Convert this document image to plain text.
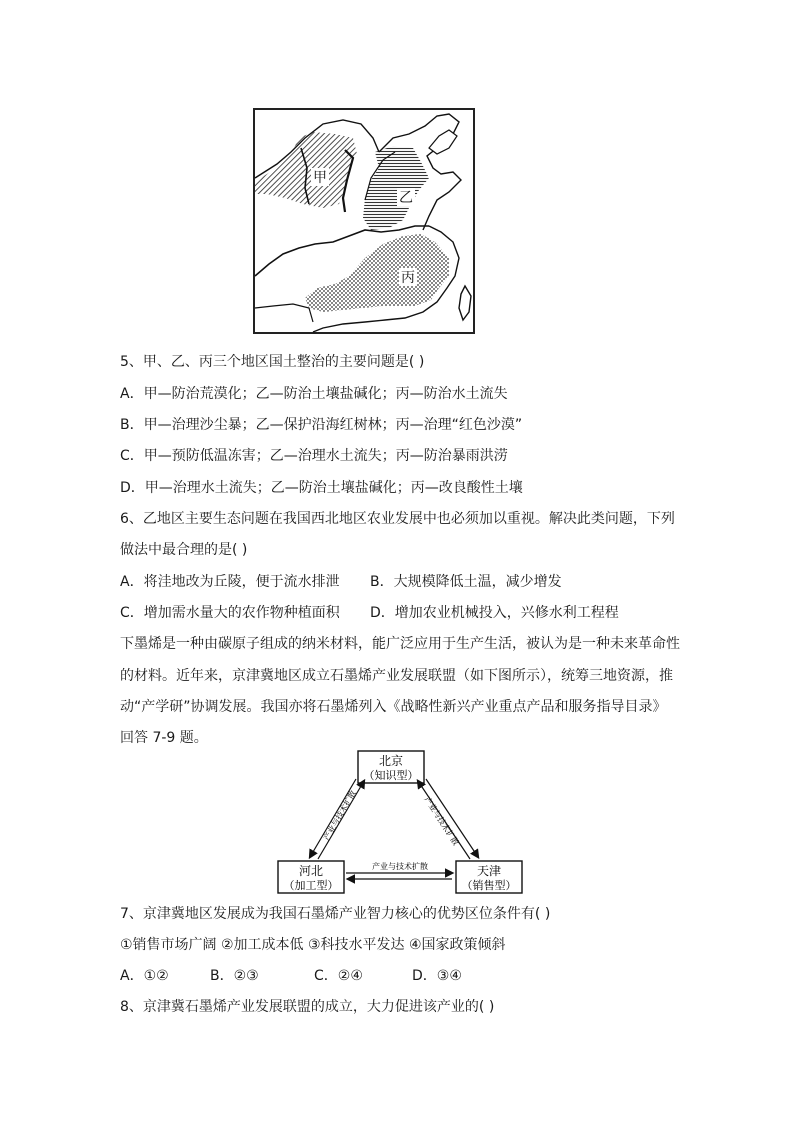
甲
乙
丙
5、甲、乙、丙三个地区国土整治的主要问题是( )
A．甲—防治荒漠化；乙—防治土壤盐碱化；丙—防治水土流失
B．甲—治理沙尘暴；乙—保护沿海红树林；丙—治理“红色沙漠”
C．甲—预防低温冻害；乙—治理水土流失；丙—防治暴雨洪涝
D．甲—治理水土流失；乙—防治土壤盐碱化；丙—改良酸性土壤
6、乙地区主要生态问题在我国西北地区农业发展中也必须加以重视。解决此类问题，下列
做法中最合理的是( )
A．将洼地改为丘陵，便于流水排泄 B．大规模降低土温，减少增发
C．增加需水量大的农作物种植面积 D．增加农业机械投入，兴修水利工程程
下墨烯是一种由碳原子组成的纳米材料，能广泛应用于生产生活，被认为是一种未来革命性
的材料。近年来，京津冀地区成立石墨烯产业发展联盟（如下图所示），统筹三地资源，推
动“产学研”协调发展。我国亦将石墨烯列入《战略性新兴产业重点产品和服务指导目录》
回答 7-9 题。
北京
（知识型）
河北
（加工型）
天津
（销售型）
产业与技术扩散	产业与技术扩散
产业与技术扩散
7、京津冀地区发展成为我国石墨烯产业智力核心的优势区位条件有( )
①销售市场广阔 ②加工成本低 ③科技水平发达 ④国家政策倾斜
A．①②	B．②③	C．②④	D．③④
8、京津冀石墨烯产业发展联盟的成立，大力促进该产业的( )
